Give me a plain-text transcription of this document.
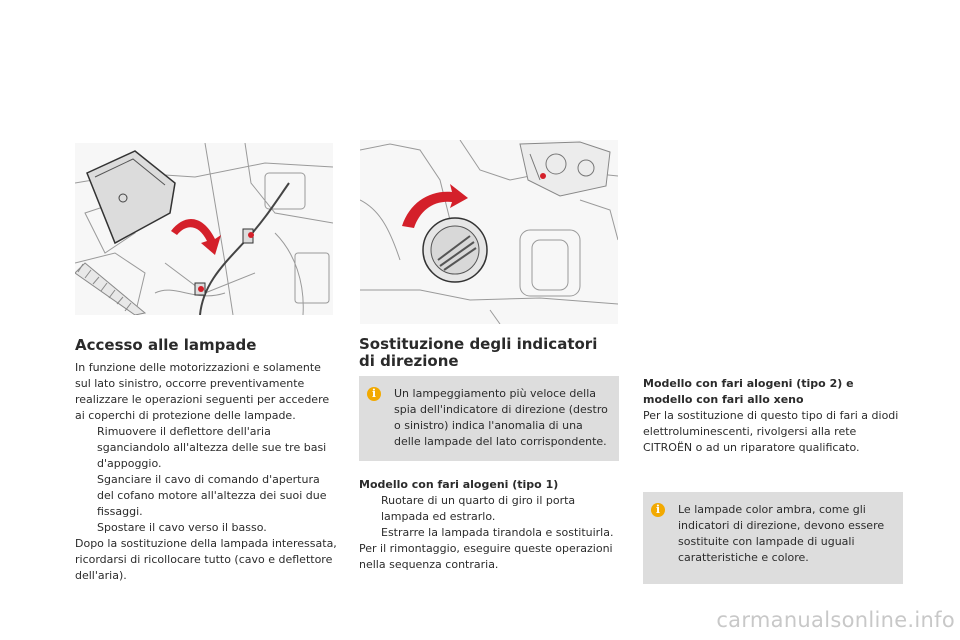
Accesso alle lampade

In funzione delle motorizzazioni e solamente sul lato sinistro, occorre preventivamente realizzare le operazioni seguenti per accedere ai coperchi di protezione delle lampade.

Rimuovere il deflettore dell'aria sganciandolo all'altezza delle sue tre basi d'appoggio.
Sganciare il cavo di comando d'apertura del cofano motore all'altezza dei suoi due fissaggi.
Spostare il cavo verso il basso.

Dopo la sostituzione della lampada interessata, ricordarsi di ricollocare tutto (cavo e deflettore dell'aria).

Sostituzione degli indicatori di direzione
i	Un lampeggiamento più veloce della spia dell'indicatore di direzione (destro o sinistro) indica l'anomalia di una delle lampade del lato corrispondente.

Modello con fari alogeni (tipo 1)

Ruotare di un quarto di giro il porta lampada ed estrarlo.
Estrarre la lampada tirandola e sostituirla.

Per il rimontaggio, eseguire queste operazioni nella sequenza contraria.

Modello con fari alogeni (tipo 2) e modello con fari allo xeno

Per la sostituzione di questo tipo di fari a diodi elettroluminescenti, rivolgersi alla rete CITROËN o ad un riparatore qualificato.

i	Le lampade color ambra, come gli indicatori di direzione, devono essere sostituite con lampade di uguali caratteristiche e colore.
carmanualsonline.info
